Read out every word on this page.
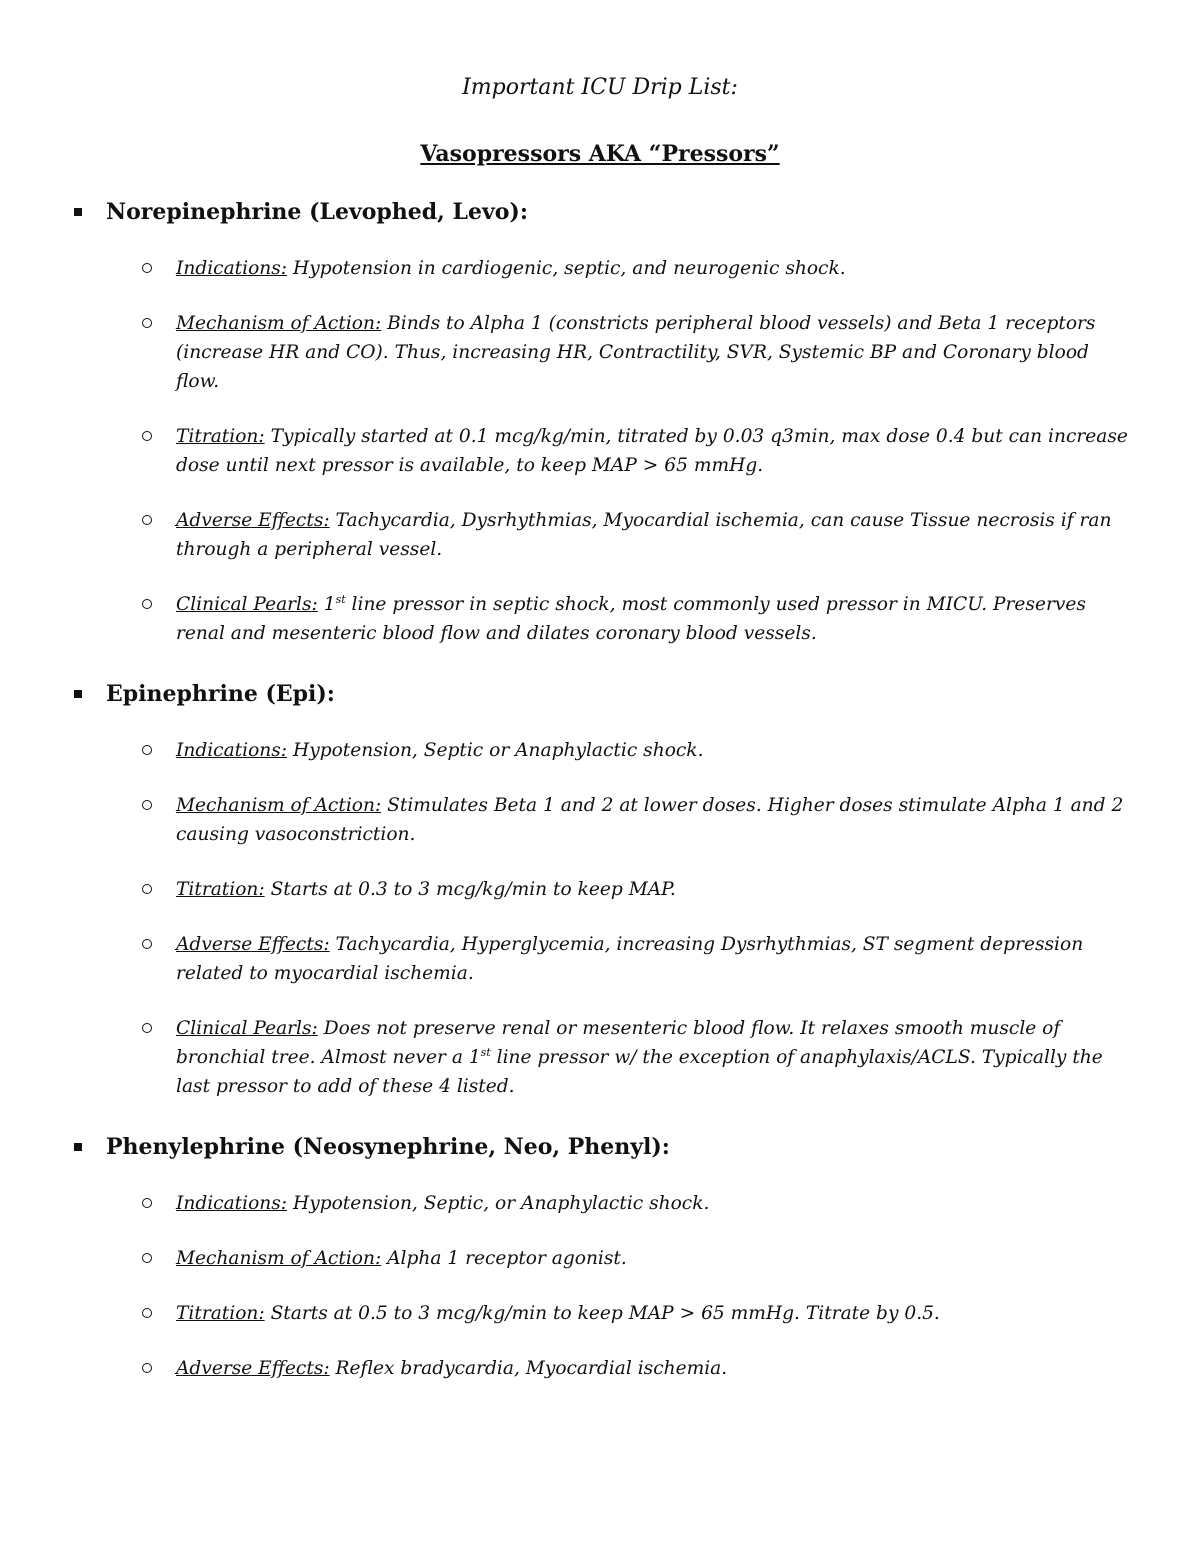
Important ICU Drip List:
Vasopressors AKA “Pressors”
Norepinephrine (Levophed, Levo):
Indications: Hypotension in cardiogenic, septic, and neurogenic shock.
Mechanism of Action: Binds to Alpha 1 (constricts peripheral blood vessels) and Beta 1 receptors (increase HR and CO). Thus, increasing HR, Contractility, SVR, Systemic BP and Coronary blood flow.
Titration: Typically started at 0.1 mcg/kg/min, titrated by 0.03 q3min, max dose 0.4 but can increase dose until next pressor is available, to keep MAP > 65 mmHg.
Adverse Effects: Tachycardia, Dysrhythmias, Myocardial ischemia, can cause Tissue necrosis if ran through a peripheral vessel.
Clinical Pearls: 1st line pressor in septic shock, most commonly used pressor in MICU. Preserves renal and mesenteric blood flow and dilates coronary blood vessels.
Epinephrine (Epi):
Indications: Hypotension, Septic or Anaphylactic shock.
Mechanism of Action: Stimulates Beta 1 and 2 at lower doses. Higher doses stimulate Alpha 1 and 2 causing vasoconstriction.
Titration: Starts at 0.3 to 3 mcg/kg/min to keep MAP.
Adverse Effects: Tachycardia, Hyperglycemia, increasing Dysrhythmias, ST segment depression related to myocardial ischemia.
Clinical Pearls: Does not preserve renal or mesenteric blood flow. It relaxes smooth muscle of bronchial tree. Almost never a 1st line pressor w/ the exception of anaphylaxis/ACLS. Typically the last pressor to add of these 4 listed.
Phenylephrine (Neosynephrine, Neo, Phenyl):
Indications: Hypotension, Septic, or Anaphylactic shock.
Mechanism of Action: Alpha 1 receptor agonist.
Titration: Starts at 0.5 to 3 mcg/kg/min to keep MAP > 65 mmHg. Titrate by 0.5.
Adverse Effects: Reflex bradycardia, Myocardial ischemia.
